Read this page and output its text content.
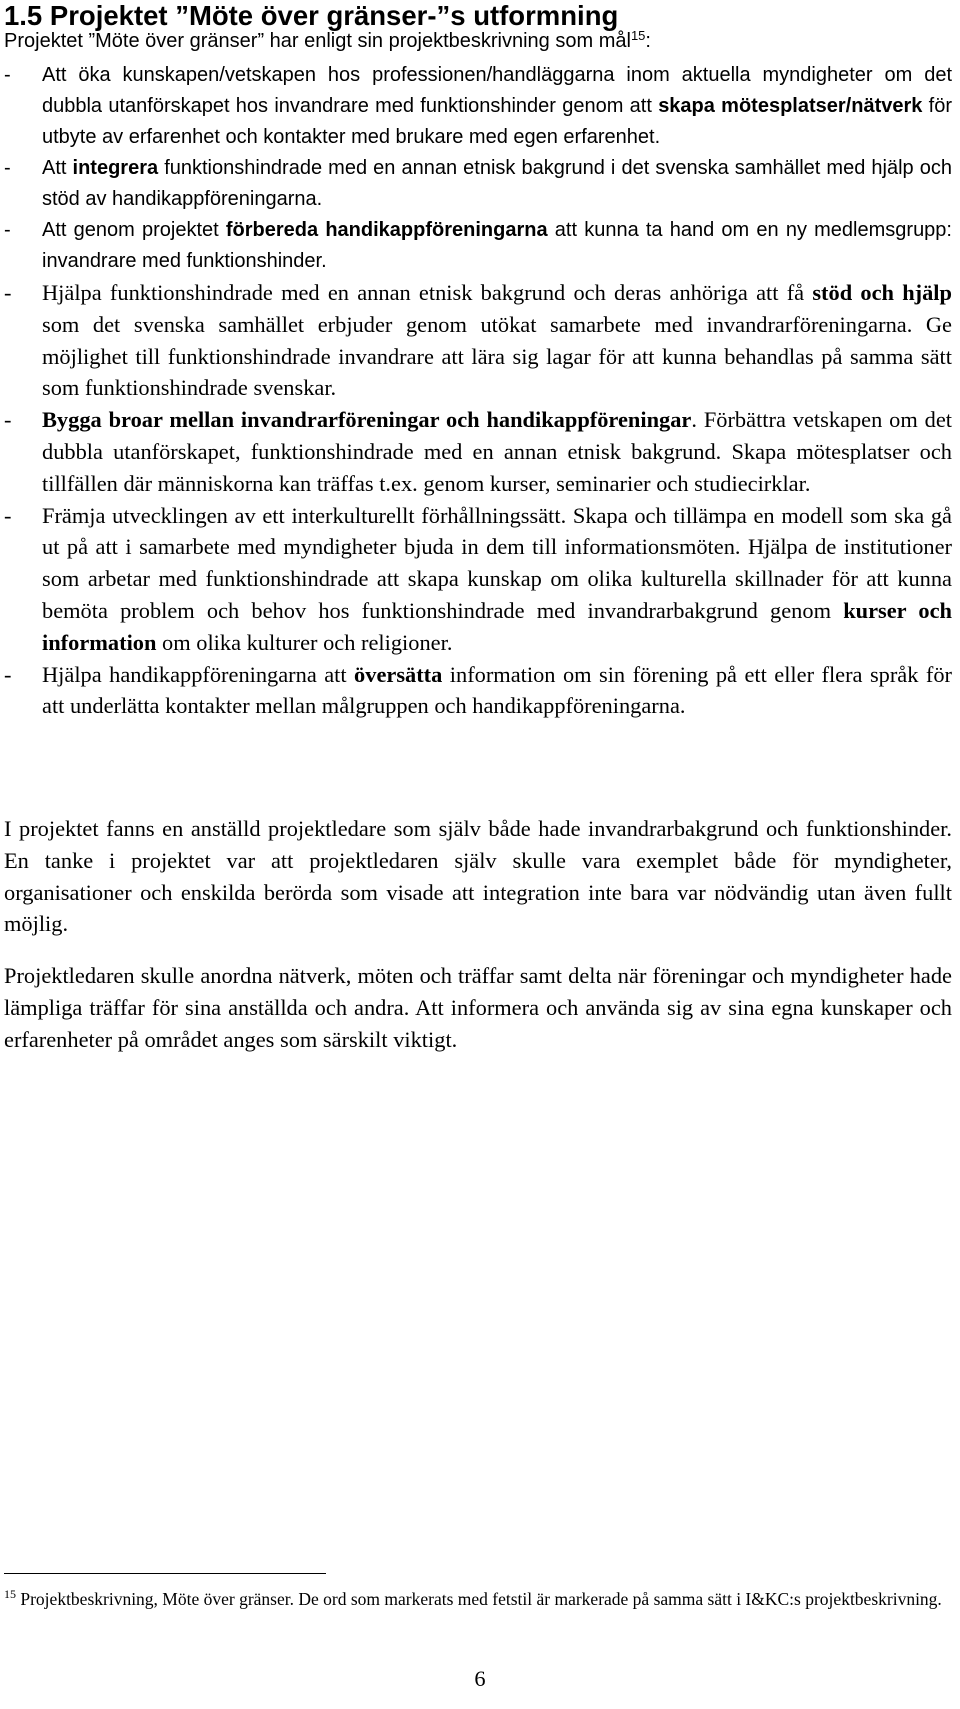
1.5 Projektet ”Möte över gränser-”s utformning
Projektet ”Möte över gränser” har enligt sin projektbeskrivning som mål$^{15}$:
- Att öka kunskapen/vetskapen hos professionen/handläggarna inom aktuella myndigheter om det dubbla utanförskapet hos invandrare med funktionshinder genom att skapa mötesplatser/nätverk för utbyte av erfarenhet och kontakter med brukare med egen erfarenhet.
- Att integrera funktionshindrade med en annan etnisk bakgrund i det svenska samhället med hjälp och stöd av handikappföreningarna.
- Att genom projektet förbereda handikappföreningarna att kunna ta hand om en ny medlemsgrupp: invandrare med funktionshinder.
- Hjälpa funktionshindrade med en annan etnisk bakgrund och deras anhöriga att få stöd och hjälp som det svenska samhället erbjuder genom utökat samarbete med invandrarföreningarna. Ge möjlighet till funktionshindrade invandrare att lära sig lagar för att kunna behandlas på samma sätt som funktionshindrade svenskar.
- Bygga broar mellan invandrarföreningar och handikappföreningar. Förbättra vetskapen om det dubbla utanförskapet, funktionshindrade med en annan etnisk bakgrund. Skapa mötesplatser och tillfällen där människorna kan träffas t.ex. genom kurser, seminarier och studiecirklar.
- Främja utvecklingen av ett interkulturellt förhållningssätt. Skapa och tillämpa en modell som ska gå ut på att i samarbete med myndigheter bjuda in dem till informationsmöten. Hjälpa de institutioner som arbetar med funktionshindrade att skapa kunskap om olika kulturella skillnader för att kunna bemöta problem och behov hos funktionshindrade med invandrarbakgrund genom kurser och information om olika kulturer och religioner.
- Hjälpa handikappföreningarna att översätta information om sin förening på ett eller flera språk för att underlätta kontakter mellan målgruppen och handikappföreningarna.

I projektet fanns en anställd projektledare som själv både hade invandrarbakgrund och funktionshinder. En tanke i projektet var att projektledaren själv skulle vara exemplet både för myndigheter, organisationer och enskilda berörda som visade att integration inte bara var nödvändig utan även fullt möjlig.

Projektledaren skulle anordna nätverk, möten och träffar samt delta när föreningar och myndigheter hade lämpliga träffar för sina anställda och andra. Att informera och använda sig av sina egna kunskaper och erfarenheter på området anges som särskilt viktigt.

$^{15}$ Projektbeskrivning, Möte över gränser. De ord som markerats med fetstil är markerade på samma sätt i I&KC:s projektbeskrivning.

6
